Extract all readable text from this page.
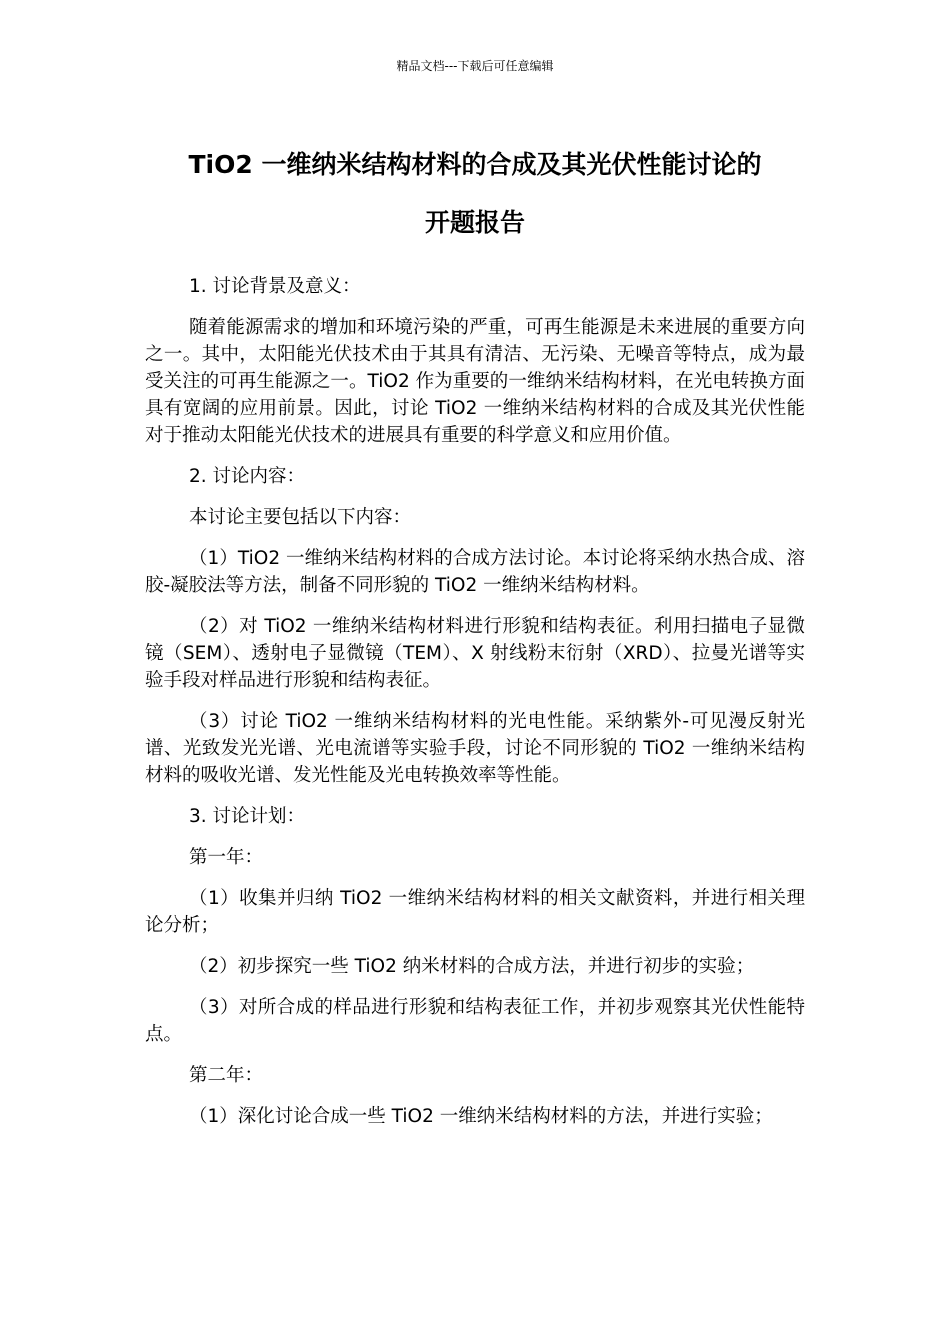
精品文档---下载后可任意编辑
TiO2 一维纳米结构材料的合成及其光伏性能讨论的
开题报告

1. 讨论背景及意义：

随着能源需求的增加和环境污染的严重，可再生能源是未来进展的重要方向之一。其中，太阳能光伏技术由于其具有清洁、无污染、无噪音等特点，成为最受关注的可再生能源之一。TiO2 作为重要的一维纳米结构材料，在光电转换方面具有宽阔的应用前景。因此，讨论 TiO2 一维纳米结构材料的合成及其光伏性能对于推动太阳能光伏技术的进展具有重要的科学意义和应用价值。

2. 讨论内容：

本讨论主要包括以下内容：

（1）TiO2 一维纳米结构材料的合成方法讨论。本讨论将采纳水热合成、溶胶-凝胶法等方法，制备不同形貌的 TiO2 一维纳米结构材料。

（2）对 TiO2 一维纳米结构材料进行形貌和结构表征。利用扫描电子显微镜（SEM）、透射电子显微镜（TEM）、X 射线粉末衍射（XRD）、拉曼光谱等实验手段对样品进行形貌和结构表征。

（3）讨论 TiO2 一维纳米结构材料的光电性能。采纳紫外-可见漫反射光谱、光致发光光谱、光电流谱等实验手段，讨论不同形貌的 TiO2 一维纳米结构材料的吸收光谱、发光性能及光电转换效率等性能。

3. 讨论计划：

第一年：

（1）收集并归纳 TiO2 一维纳米结构材料的相关文献资料，并进行相关理论分析；

（2）初步探究一些 TiO2 纳米材料的合成方法，并进行初步的实验；

（3）对所合成的样品进行形貌和结构表征工作，并初步观察其光伏性能特点。

第二年：

（1）深化讨论合成一些 TiO2 一维纳米结构材料的方法，并进行实验；
